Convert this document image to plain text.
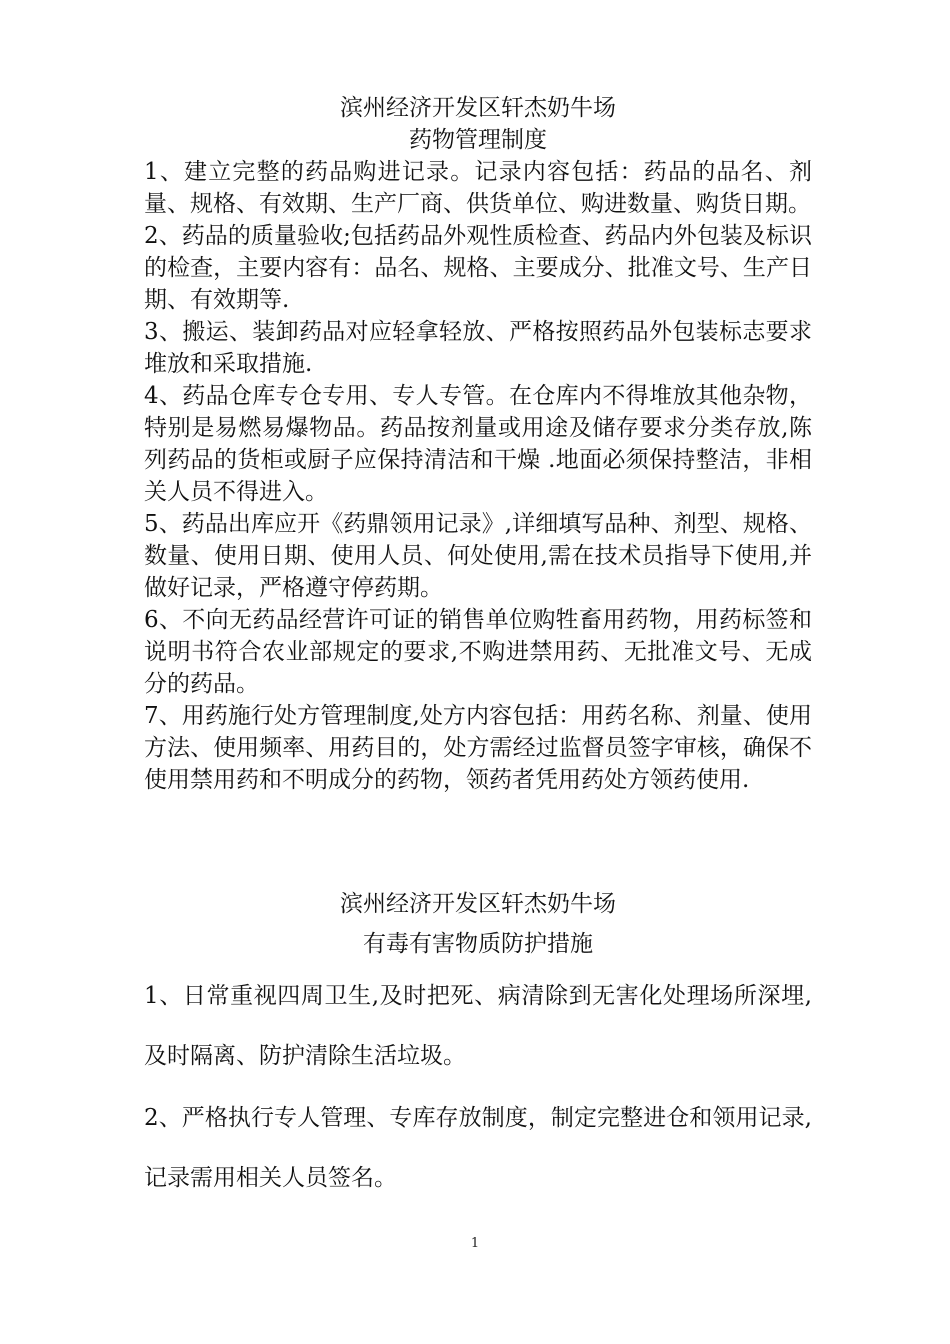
滨州经济开发区轩杰奶牛场
药物管理制度

1、建立完整的药品购进记录。记录内容包括：药品的品名、剂量、规格、有效期、生产厂商、供货单位、购进数量、购货日期。

2、药品的质量验收;包括药品外观性质检查、药品内外包装及标识的检查，主要内容有：品名、规格、主要成分、批准文号、生产日期、有效期等.

3、搬运、装卸药品对应轻拿轻放、严格按照药品外包装标志要求堆放和采取措施.

4、药品仓库专仓专用、专人专管。在仓库内不得堆放其他杂物，特别是易燃易爆物品。药品按剂量或用途及储存要求分类存放,陈列药品的货柜或厨子应保持清洁和干燥 .地面必须保持整洁，非相关人员不得进入。

5、药品出库应开《药鼎领用记录》,详细填写品种、剂型、规格、数量、使用日期、使用人员、何处使用,需在技术员指导下使用,并做好记录，严格遵守停药期。

6、不向无药品经营许可证的销售单位购牲畜用药物，用药标签和说明书符合农业部规定的要求,不购进禁用药、无批准文号、无成分的药品。

7、用药施行处方管理制度,处方内容包括：用药名称、剂量、使用方法、使用频率、用药目的，处方需经过监督员签字审核，确保不使用禁用药和不明成分的药物，领药者凭用药处方领药使用.

滨州经济开发区轩杰奶牛场
有毒有害物质防护措施

1、日常重视四周卫生,及时把死、病清除到无害化处理场所深埋,及时隔离、防护清除生活垃圾。

2、严格执行专人管理、专库存放制度，制定完整进仓和领用记录,记录需用相关人员签名。

1
